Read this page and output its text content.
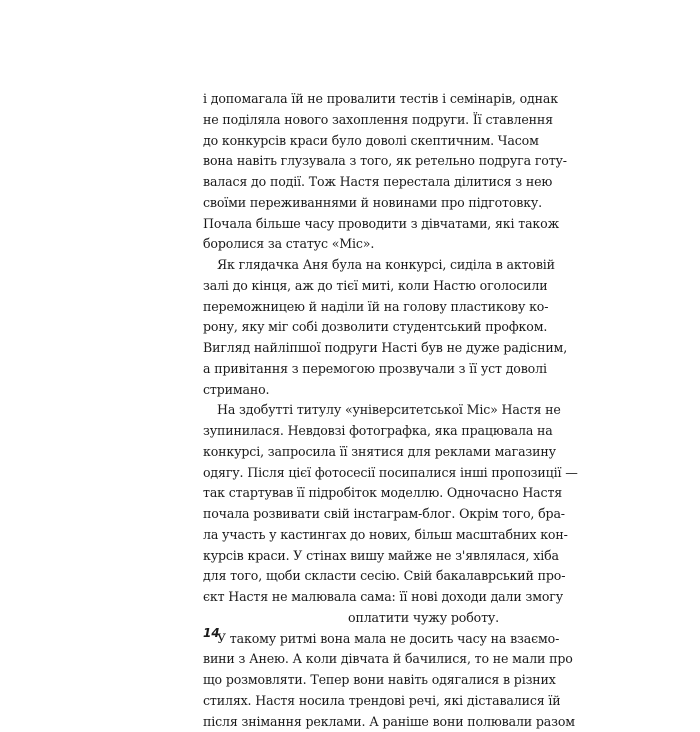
і допомагала їй не провалити тестів і семінарів, однак
не поділяла нового захоплення подруги. Її ставлення
до конкурсів краси було доволі скептичним. Часом
вона навіть глузувала з того, як ретельно подруга готу-
валася до події. Тож Настя перестала ділитися з нею
своїми переживаннями й новинами про підготовку.
Почала більше часу проводити з дівчатами, які також
боролися за статус «Міс».
Як глядачка Аня була на конкурсі, сиділа в актовій
залі до кінця, аж до тієї миті, коли Настю оголосили
переможницею й наділи їй на голову пластикову ко-
рону, яку міг собі дозволити студентський профком.
Вигляд найліпшої подруги Насті був не дуже радісним,
а привітання з перемогою прозвучали з її уст доволі
стримано.
На здобутті титулу «університетської Міс» Настя не
зупинилася. Невдовзі фотографка, яка працювала на
конкурсі, запросила її знятися для реклами магазину
одягу. Після цієї фотосесії посипалися інші пропозиції —
так стартував її підробіток моделлю. Одночасно Настя
почала розвивати свій інстаграм-блог. Окрім того, бра-
ла участь у кастингах до нових, більш масштабних кон-
курсів краси. У стінах вишу майже не з'являлася, хіба
для того, щоби скласти сесію. Свій бакалаврський про-
єкт Настя не малювала сама: її нові доходи дали змогу
оплатити чужу роботу.
У такому ритмі вона мала не досить часу на взаємо-
вини з Анею. А коли дівчата й бачилися, то не мали про
що розмовляти. Тепер вони навіть одягалися в різних
стилях. Настя носила трендові речі, які діставалися їй
після знімання реклами. А раніше вони полювали разом
14
